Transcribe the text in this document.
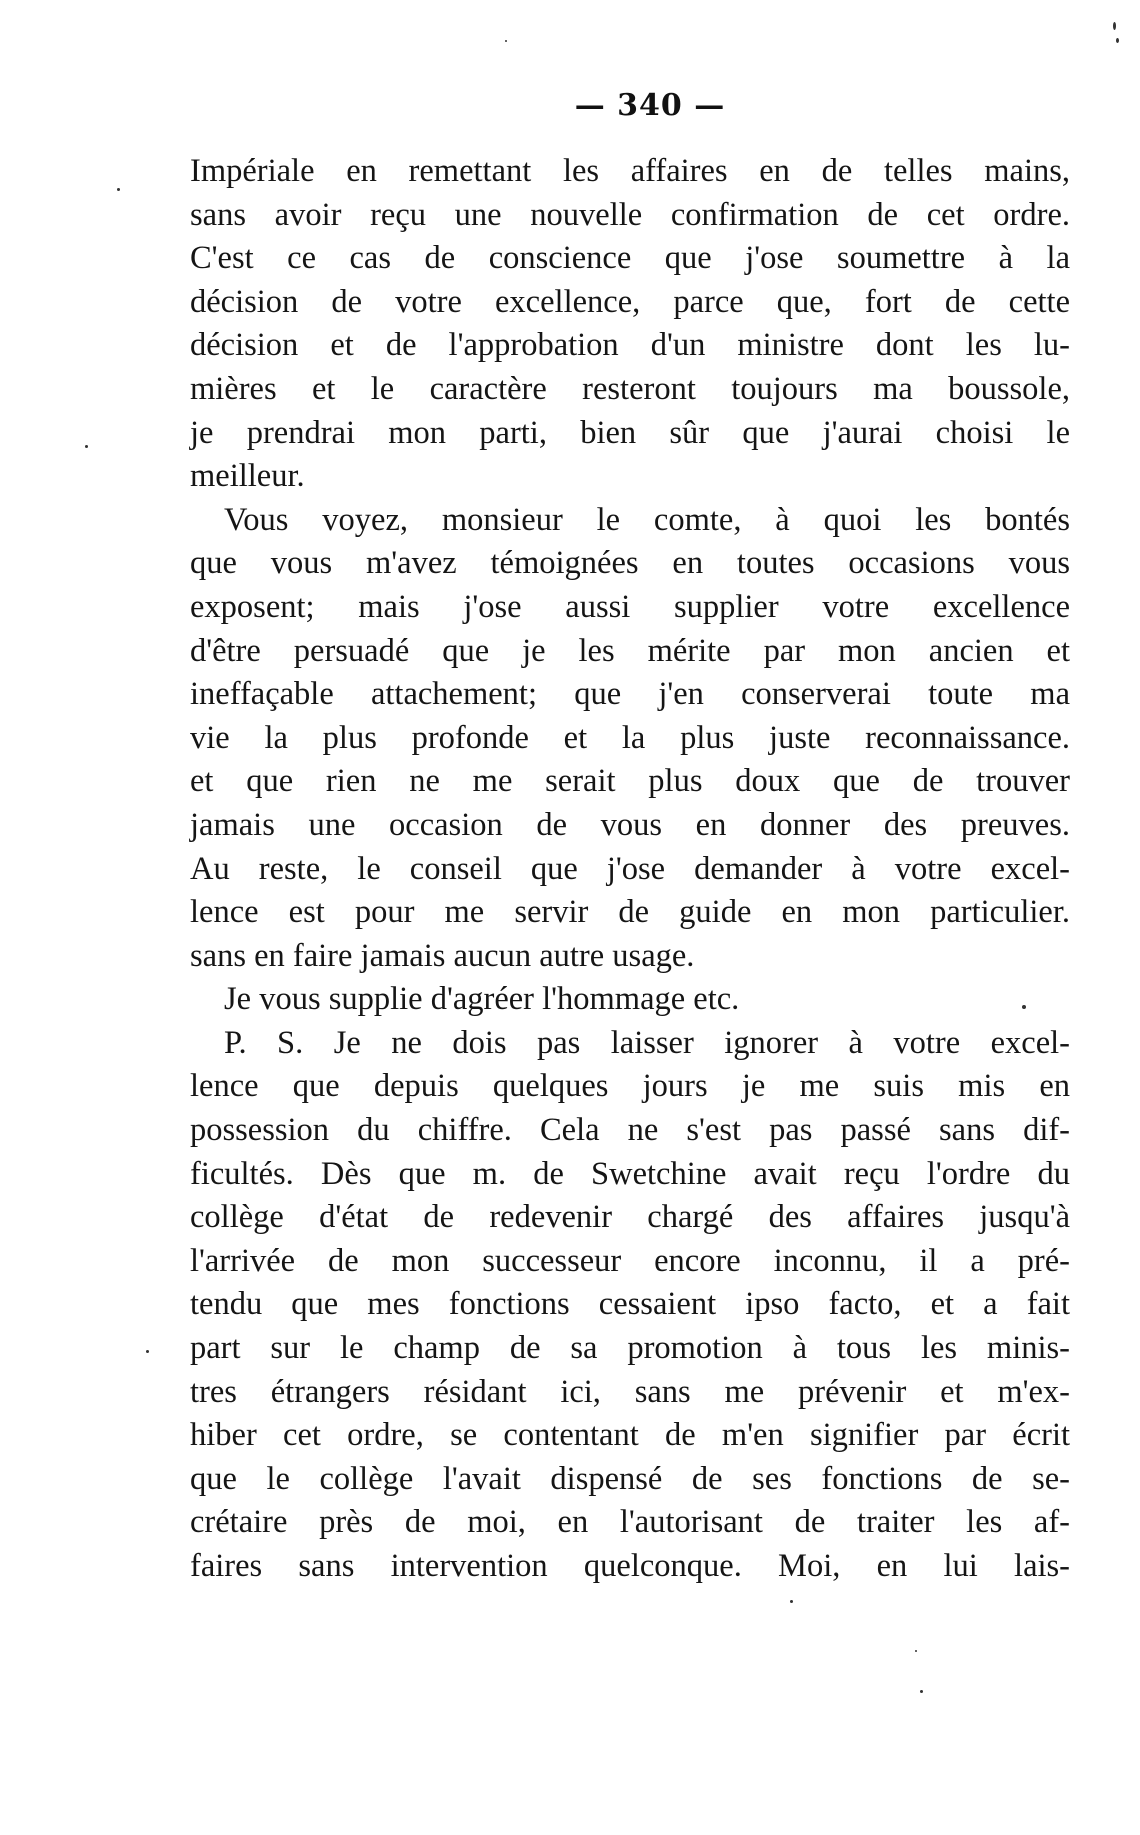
— 340 —
Impériale en remettant les affaires en de telles mains,
sans avoir reçu une nouvelle confirmation de cet ordre.
C'est ce cas de conscience que j'ose soumettre à la
décision de votre excellence, parce que, fort de cette
décision et de l'approbation d'un ministre dont les lu-
mières et le caractère resteront toujours ma boussole,
je prendrai mon parti, bien sûr que j'aurai choisi le
meilleur.
Vous voyez, monsieur le comte, à quoi les bontés
que vous m'avez témoignées en toutes occasions vous
exposent; mais j'ose aussi supplier votre excellence
d'être persuadé que je les mérite par mon ancien et
ineffaçable attachement; que j'en conserverai toute ma
vie la plus profonde et la plus juste reconnaissance.
et que rien ne me serait plus doux que de trouver
jamais une occasion de vous en donner des preuves.
Au reste, le conseil que j'ose demander à votre excel-
lence est pour me servir de guide en mon particulier.
sans en faire jamais aucun autre usage.
Je vous supplie d'agréer l'hommage etc.
P. S. Je ne dois pas laisser ignorer à votre excel-
lence que depuis quelques jours je me suis mis en
possession du chiffre. Cela ne s'est pas passé sans dif-
ficultés. Dès que m. de Swetchine avait reçu l'ordre du
collège d'état de redevenir chargé des affaires jusqu'à
l'arrivée de mon successeur encore inconnu, il a pré-
tendu que mes fonctions cessaient ipso facto, et a fait
part sur le champ de sa promotion à tous les minis-
tres étrangers résidant ici, sans me prévenir et m'ex-
hiber cet ordre, se contentant de m'en signifier par écrit
que le collège l'avait dispensé de ses fonctions de se-
crétaire près de moi, en l'autorisant de traiter les af-
faires sans intervention quelconque. Moi, en lui lais-
